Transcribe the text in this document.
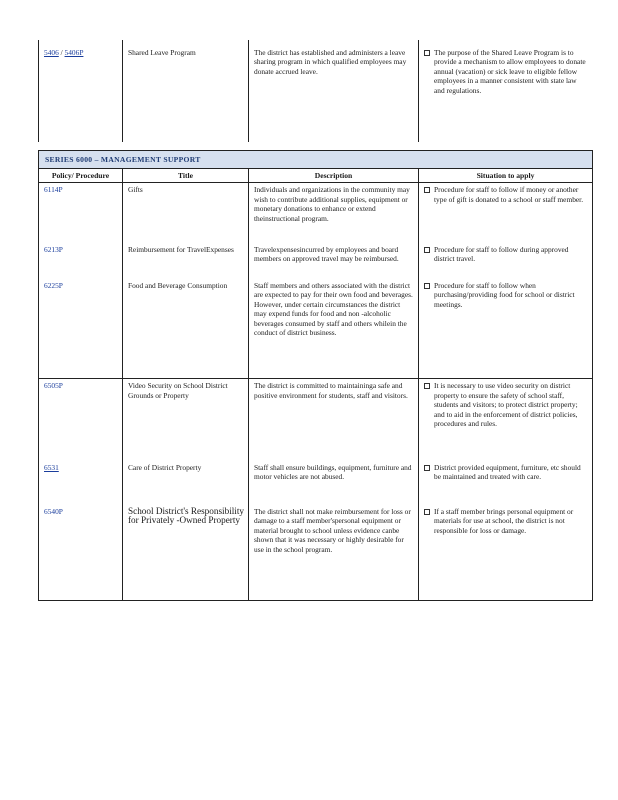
5406 / 5406P	Shared Leave Program	The district has established and administers a leave sharing program in which qualified employees may donate accrued leave.	The purpose of the Shared Leave Program is to provide a mechanism to allow employees to donate annual (vacation) or sick leave to eligible fellow employees in a manner consistent with state law and regulations.

SERIES 6000 – MANAGEMENT SUPPORT			
Policy/ Procedure	Title	Description	Situation to apply
6114P	Gifts	Individuals and organizations in the community may wish to contribute additional supplies, equipment or monetary donations to enhance or extend theinstructional program.	Procedure for staff to follow if money or another type of gift is donated to a school or staff member.

6213P	Reimbursement for TravelExpenses	Travelexpensesincurred by employees and board members on approved travel may be reimbursed.	Procedure for staff to follow during approved district travel.

6225P	Food and Beverage Consumption	Staff members and others associated with the district are expected to pay for their own food and beverages. However, under certain circumstances the district may expend funds for food and non -alcoholic beverages consumed by staff and others whilein the conduct of district business.	Procedure for staff to follow when purchasing/providing food for school or district meetings.

6505P	Video Security on School District Grounds or Property	The district is committed to maintaininga safe and positive environment for students, staff and visitors.	It is necessary to use video security on district property to ensure the safety of school staff, students and visitors; to protect district property; and to aid in the enforcement of district policies, procedures and rules.

6531	Care of District Property	Staff shall ensure buildings, equipment, furniture and motor vehicles are not abused.	District provided equipment, furniture, etc should be maintained and treated with care.

6540P	School District's Responsibility for Privately -Owned Property	The district shall not make reimbursement for loss or damage to a staff member'spersonal equipment or material brought to school unless evidence canbe shown that it was necessary or highly desirable for use in the school program.	If a staff member brings personal equipment or materials for use at school, the district is not responsible for loss or damage.
